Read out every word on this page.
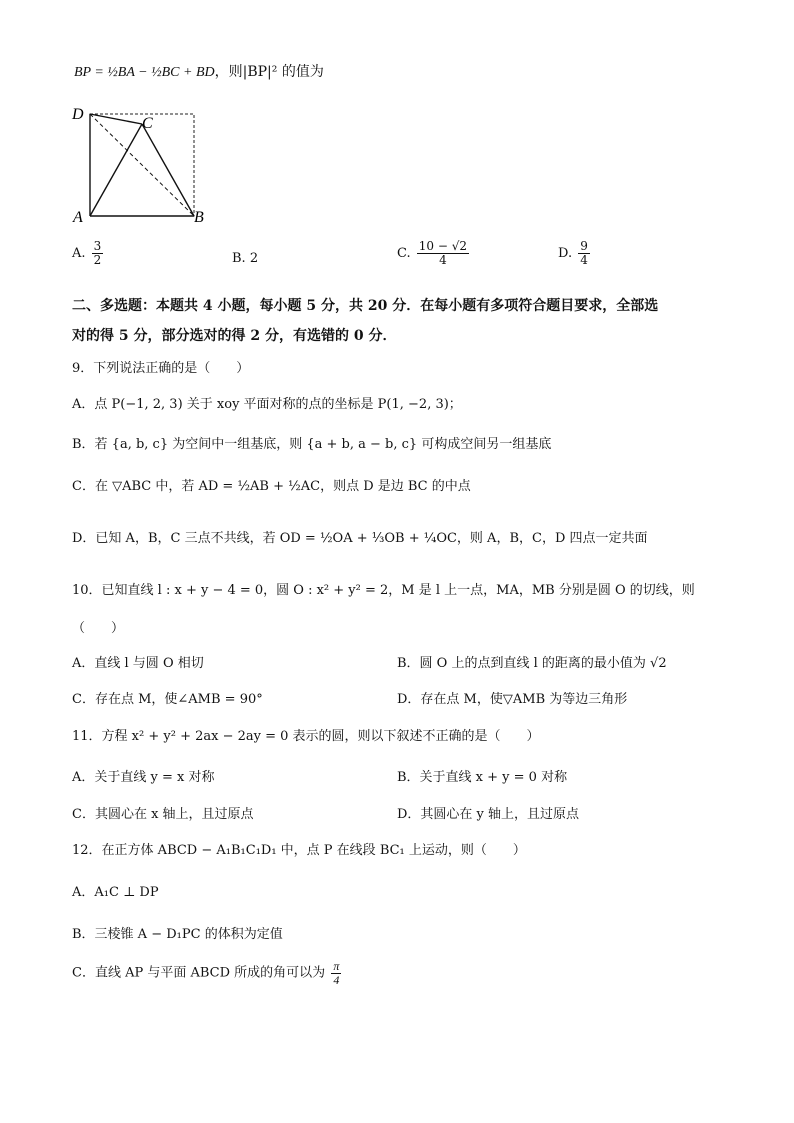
BP = ½BA − ½BC + BD，则|BP|² 的值为
D
C
A	B
A. $\frac{3}{2}$	B. 2	C. $\frac{10 - √2}{4}$	D. $\frac{9}{4}$
二、多选题：本题共 4 小题，每小题 5 分，共 20 分．在每小题有多项符合题目要求，全部选
对的得 5 分，部分选对的得 2 分，有选错的 0 分．
9．下列说法正确的是（　　）
A．点 P(−1, 2, 3) 关于 xoy 平面对称的点的坐标是 P(1, −2, 3)；
B．若 {a, b, c} 为空间中一组基底，则 {a + b, a − b, c} 可构成空间另一组基底
C．在 ▽ABC 中，若 AD = ½AB + ½AC，则点 D 是边 BC 的中点
D．已知 A，B，C 三点不共线，若 OD = ½OA + ⅓OB + ¼OC，则 A，B，C，D 四点一定共面
10．已知直线 l : x + y − 4 = 0，圆 O : x² + y² = 2，M 是 l 上一点，MA，MB 分别是圆 O 的切线，则
（　　）
A．直线 l 与圆 O 相切	B．圆 O 上的点到直线 l 的距离的最小值为 √2
C．存在点 M，使∠AMB = 90°	D．存在点 M，使▽AMB 为等边三角形
11．方程 x² + y² + 2ax − 2ay = 0 表示的圆，则以下叙述不正确的是（　　）
A．关于直线 y = x 对称	B．关于直线 x + y = 0 对称
C．其圆心在 x 轴上，且过原点	D．其圆心在 y 轴上，且过原点
12．在正方体 ABCD − A₁B₁C₁D₁ 中，点 P 在线段 BC₁ 上运动，则（　　）
A．A₁C ⊥ DP
B．三棱锥 A − D₁PC 的体积为定值
C．直线 AP 与平面 ABCD 所成的角可以为 $\frac{\pi}{4}$
